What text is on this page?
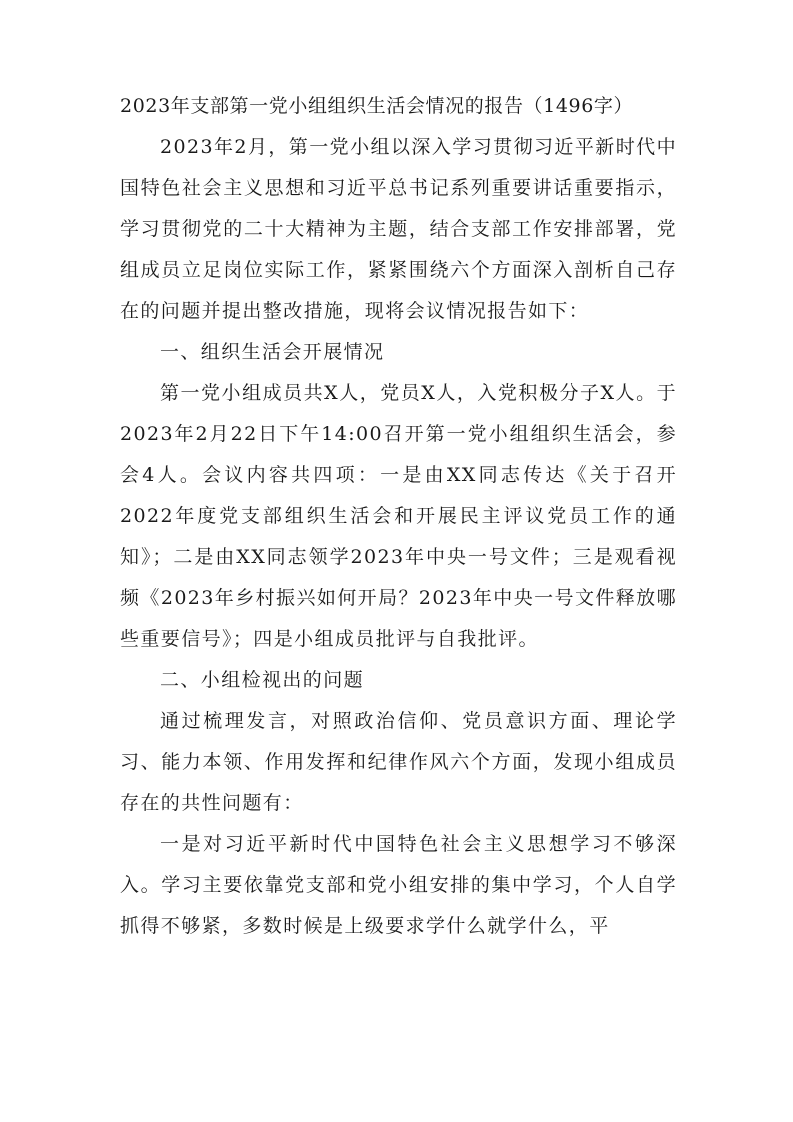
2023年支部第一党小组组织生活会情况的报告（1496字）

2023年2月，第一党小组以深入学习贯彻习近平新时代中国特色社会主义思想和习近平总书记系列重要讲话重要指示，学习贯彻党的二十大精神为主题，结合支部工作安排部署，党组成员立足岗位实际工作，紧紧围绕六个方面深入剖析自己存在的问题并提出整改措施，现将会议情况报告如下：

一、组织生活会开展情况

第一党小组成员共X人，党员X人，入党积极分子X人。于2023年2月22日下午14:00召开第一党小组组织生活会，参会4人。会议内容共四项：一是由XX同志传达《关于召开2022年度党支部组织生活会和开展民主评议党员工作的通知》；二是由XX同志领学2023年中央一号文件；三是观看视频《2023年乡村振兴如何开局？2023年中央一号文件释放哪些重要信号》；四是小组成员批评与自我批评。

二、小组检视出的问题

通过梳理发言，对照政治信仰、党员意识方面、理论学习、能力本领、作用发挥和纪律作风六个方面，发现小组成员存在的共性问题有：

一是对习近平新时代中国特色社会主义思想学习不够深入。学习主要依靠党支部和党小组安排的集中学习，个人自学抓得不够紧，多数时候是上级要求学什么就学什么，平
